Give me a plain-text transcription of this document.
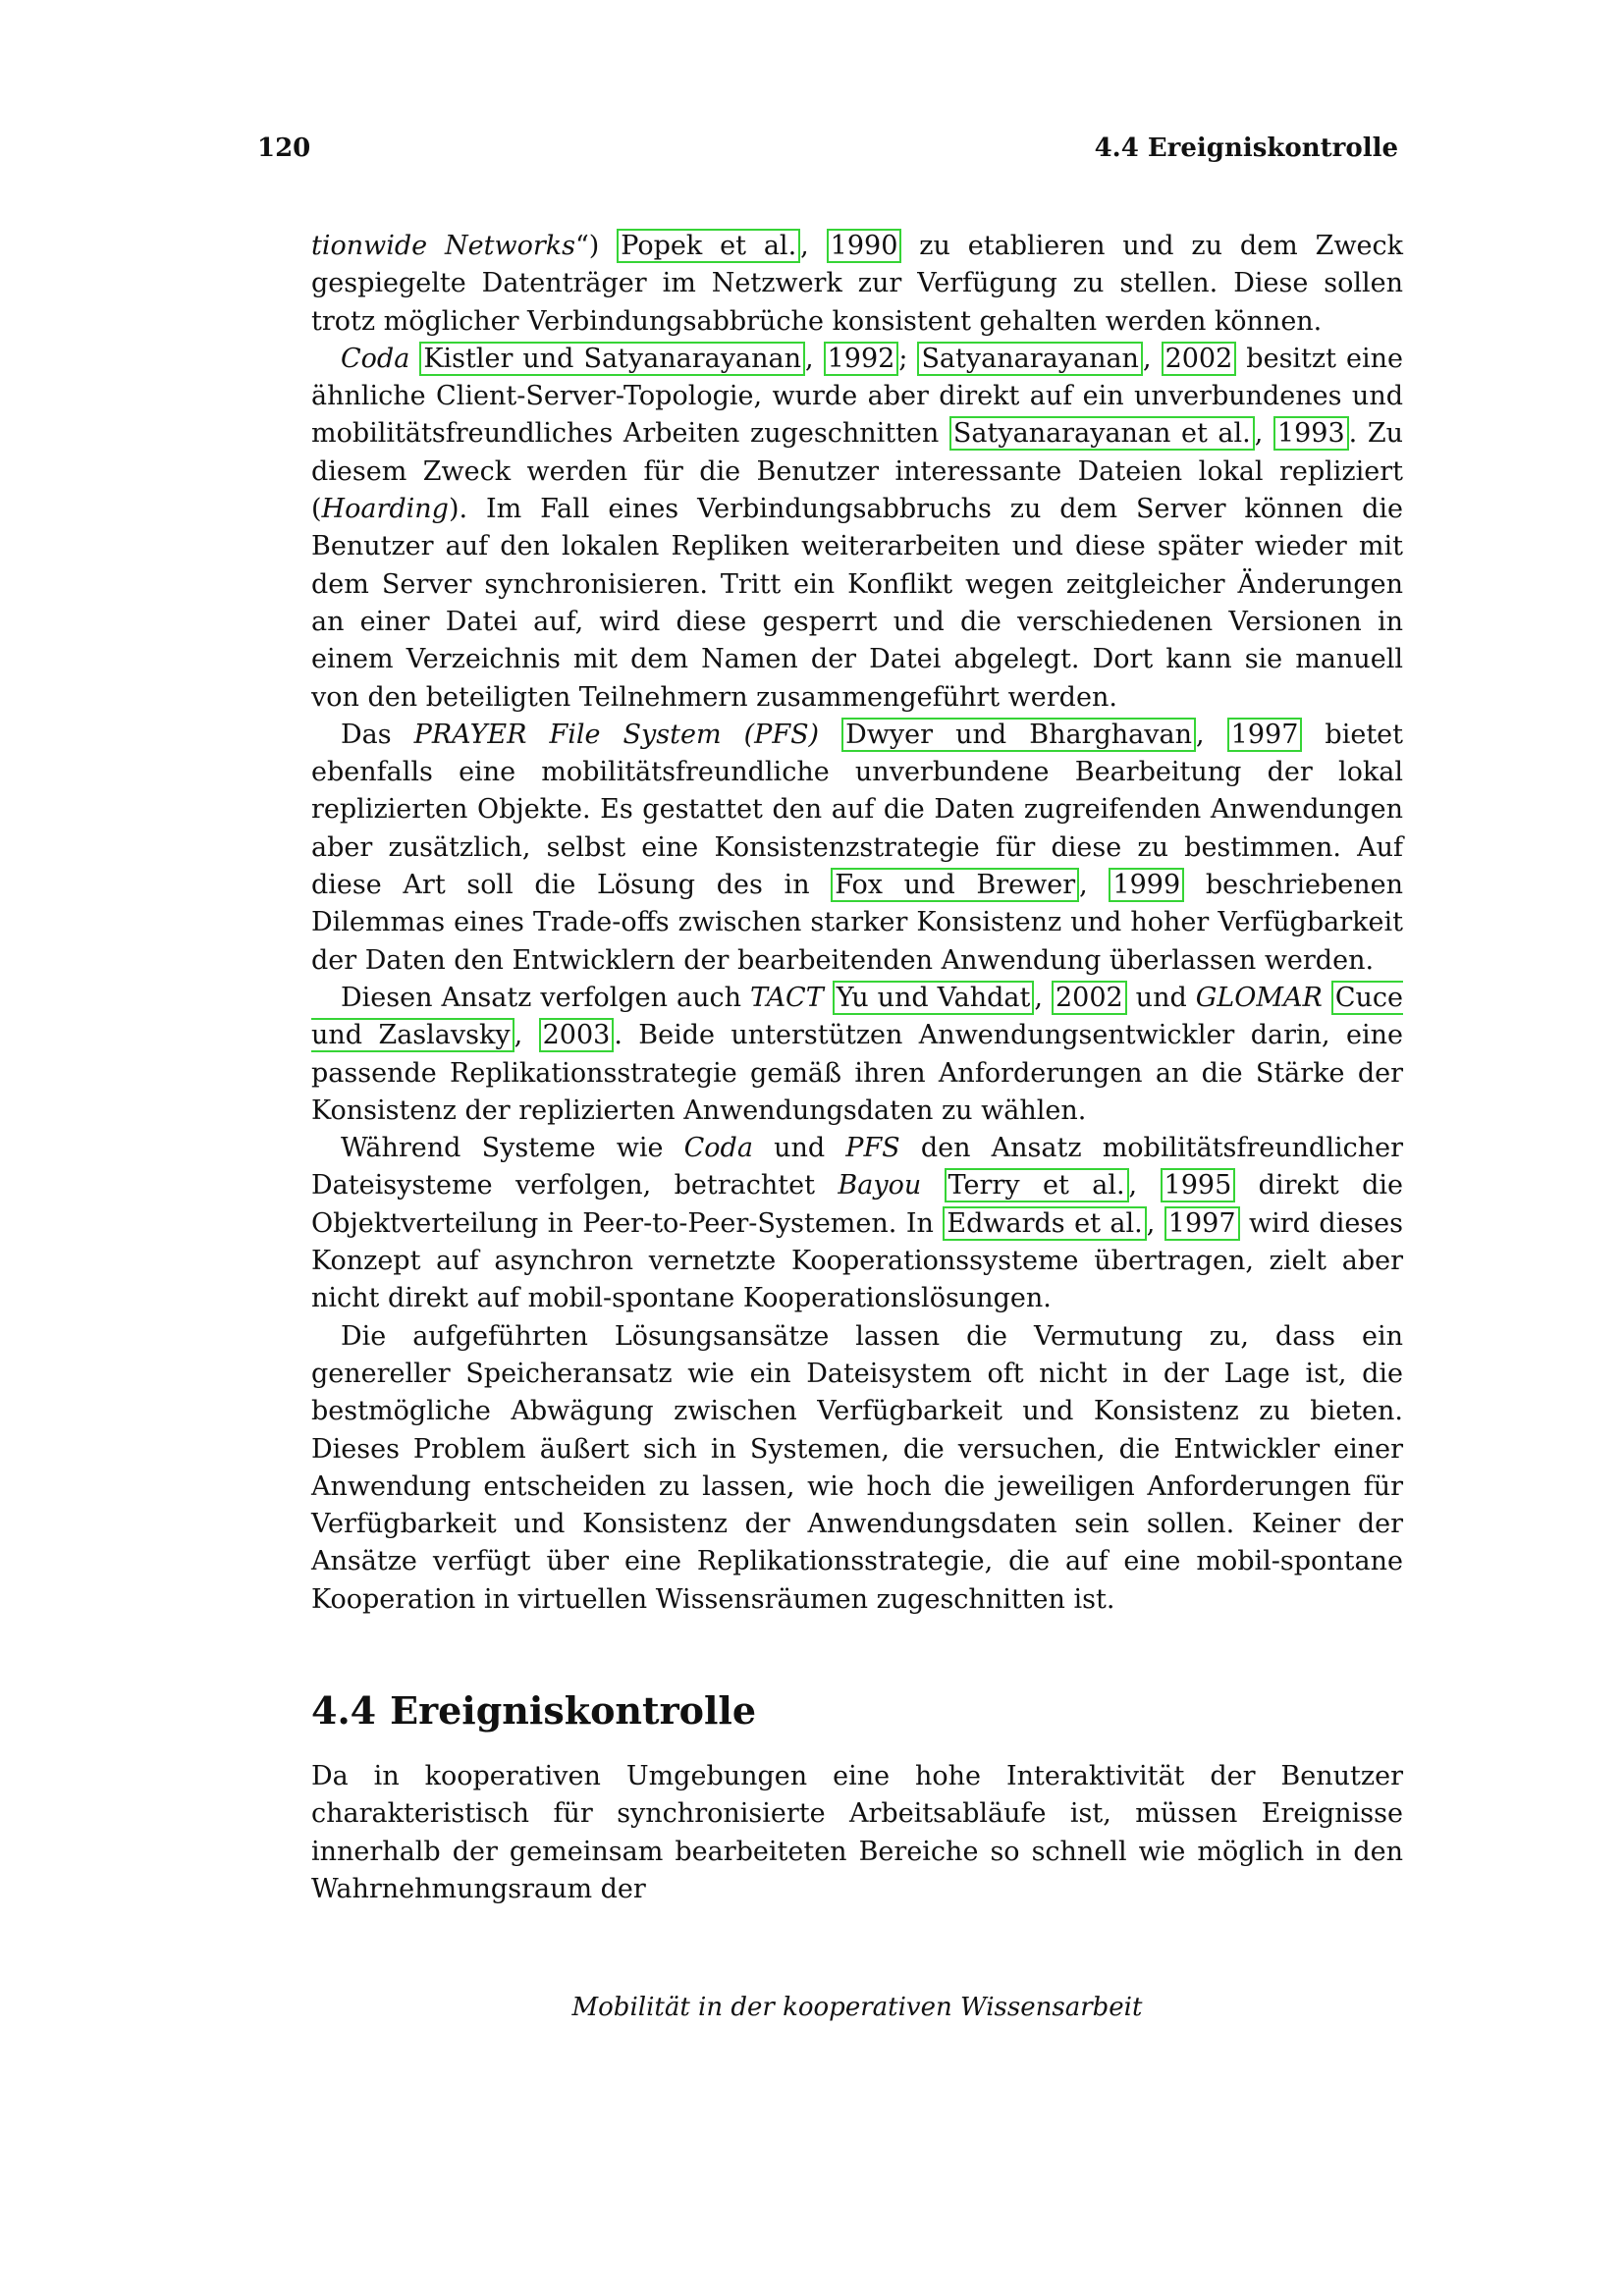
120	4.4 Ereigniskontrolle

tionwide Networks“) Popek et al. , 1990 zu etablieren und zu dem Zweck gespiegelte Datenträger im Netzwerk zur Verfügung zu stellen. Diese sollen trotz möglicher Verbindungsabbrüche konsistent gehalten werden können.

Coda Kistler und Satyanarayanan , 1992 ; Satyanarayanan , 2002 besitzt eine ähnliche Client-Server-Topologie, wurde aber direkt auf ein unverbundenes und mobilitätsfreundliches Arbeiten zugeschnitten Satyanarayanan et al. , 1993 . Zu diesem Zweck werden für die Benutzer interessante Dateien lokal repliziert (Hoarding). Im Fall eines Verbindungsabbruchs zu dem Server können die Benutzer auf den lokalen Repliken weiterarbeiten und diese später wieder mit dem Server synchronisieren. Tritt ein Konflikt wegen zeitgleicher Änderungen an einer Datei auf, wird diese gesperrt und die verschiedenen Versionen in einem Verzeichnis mit dem Namen der Datei abgelegt. Dort kann sie manuell von den beteiligten Teilnehmern zusammengeführt werden.

Das PRAYER File System (PFS) Dwyer und Bharghavan , 1997 bietet ebenfalls eine mobilitätsfreundliche unverbundene Bearbeitung der lokal replizierten Objekte. Es gestattet den auf die Daten zugreifenden Anwendungen aber zusätzlich, selbst eine Konsistenzstrategie für diese zu bestimmen. Auf diese Art soll die Lösung des in Fox und Brewer , 1999 beschriebenen Dilemmas eines Trade-offs zwischen starker Konsistenz und hoher Verfügbarkeit der Daten den Entwicklern der bearbeitenden Anwendung überlassen werden.

Diesen Ansatz verfolgen auch TACT Yu und Vahdat , 2002 und GLOMAR Cuce und Zaslavsky , 2003 . Beide unterstützen Anwendungsentwickler darin, eine passende Replikationsstrategie gemäß ihren Anforderungen an die Stärke der Konsistenz der replizierten Anwendungsdaten zu wählen.

Während Systeme wie Coda und PFS den Ansatz mobilitätsfreundlicher Dateisysteme verfolgen, betrachtet Bayou Terry et al. , 1995 direkt die Objektverteilung in Peer-to-Peer-Systemen. In Edwards et al. , 1997 wird dieses Konzept auf asynchron vernetzte Kooperationssysteme übertragen, zielt aber nicht direkt auf mobil-spontane Kooperationslösungen.

Die aufgeführten Lösungsansätze lassen die Vermutung zu, dass ein genereller Speicheransatz wie ein Dateisystem oft nicht in der Lage ist, die bestmögliche Abwägung zwischen Verfügbarkeit und Konsistenz zu bieten. Dieses Problem äußert sich in Systemen, die versuchen, die Entwickler einer Anwendung entscheiden zu lassen, wie hoch die jeweiligen Anforderungen für Verfügbarkeit und Konsistenz der Anwendungsdaten sein sollen. Keiner der Ansätze verfügt über eine Replikationsstrategie, die auf eine mobil-spontane Kooperation in virtuellen Wissensräumen zugeschnitten ist.

4.4 Ereigniskontrolle

Da in kooperativen Umgebungen eine hohe Interaktivität der Benutzer charakteristisch für synchronisierte Arbeitsabläufe ist, müssen Ereignisse innerhalb der gemeinsam bearbeiteten Bereiche so schnell wie möglich in den Wahrnehmungsraum der

Mobilität in der kooperativen Wissensarbeit
